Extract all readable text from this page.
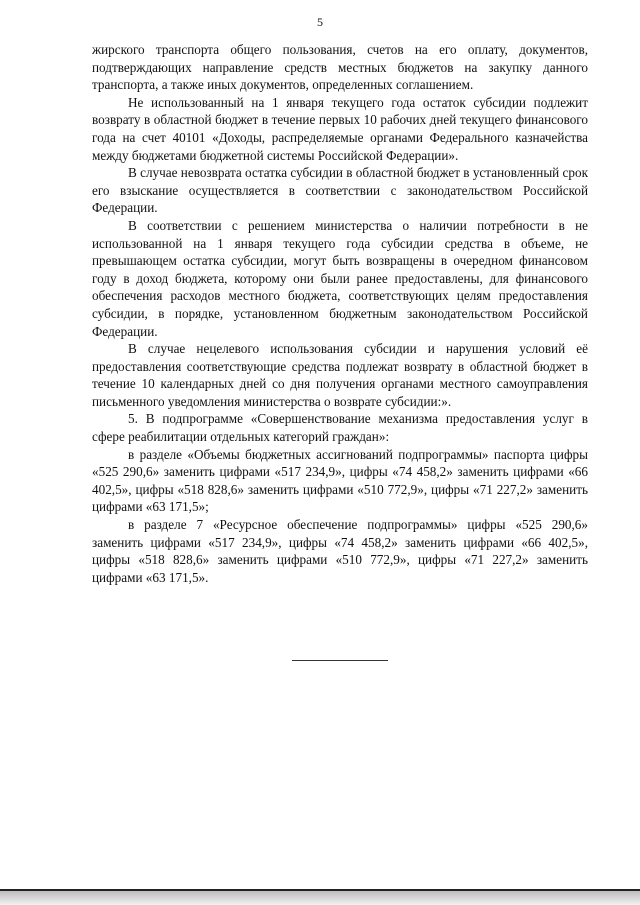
5

жирского транспорта общего пользования, счетов на его оплату, документов, подтверждающих направление средств местных бюджетов на закупку данного транспорта, а также иных документов, определенных соглашением.

Не использованный на 1 января текущего года остаток субсидии подлежит возврату в областной бюджет в течение первых 10 рабочих дней текущего финансового года на счет 40101 «Доходы, распределяемые органами Федерального казначейства между бюджетами бюджетной системы Российской Федерации».

В случае невозврата остатка субсидии в областной бюджет в установленный срок его взыскание осуществляется в соответствии с законодательством Российской Федерации.

В соответствии с решением министерства о наличии потребности в не использованной на 1 января текущего года субсидии средства в объеме, не превышающем остатка субсидии, могут быть возвращены в очередном финансовом году в доход бюджета, которому они были ранее предоставлены, для финансового обеспечения расходов местного бюджета, соответствующих целям предоставления субсидии, в порядке, установленном бюджетным законодательством Российской Федерации.

В случае нецелевого использования субсидии и нарушения условий её предоставления соответствующие средства подлежат возврату в областной бюджет в течение 10 календарных дней со дня получения органами местного самоуправления письменного уведомления министерства о возврате субсидии:».

5. В подпрограмме «Совершенствование механизма предоставления услуг в сфере реабилитации отдельных категорий граждан»:

в разделе «Объемы бюджетных ассигнований подпрограммы» паспорта цифры «525 290,6» заменить цифрами «517 234,9», цифры «74 458,2» заменить цифрами «66 402,5», цифры «518 828,6» заменить цифрами «510 772,9», цифры «71 227,2» заменить цифрами «63 171,5»;

в разделе 7 «Ресурсное обеспечение подпрограммы» цифры «525 290,6» заменить цифрами «517 234,9», цифры «74 458,2» заменить цифрами «66 402,5», цифры «518 828,6» заменить цифрами «510 772,9», цифры «71 227,2» заменить цифрами «63 171,5».
